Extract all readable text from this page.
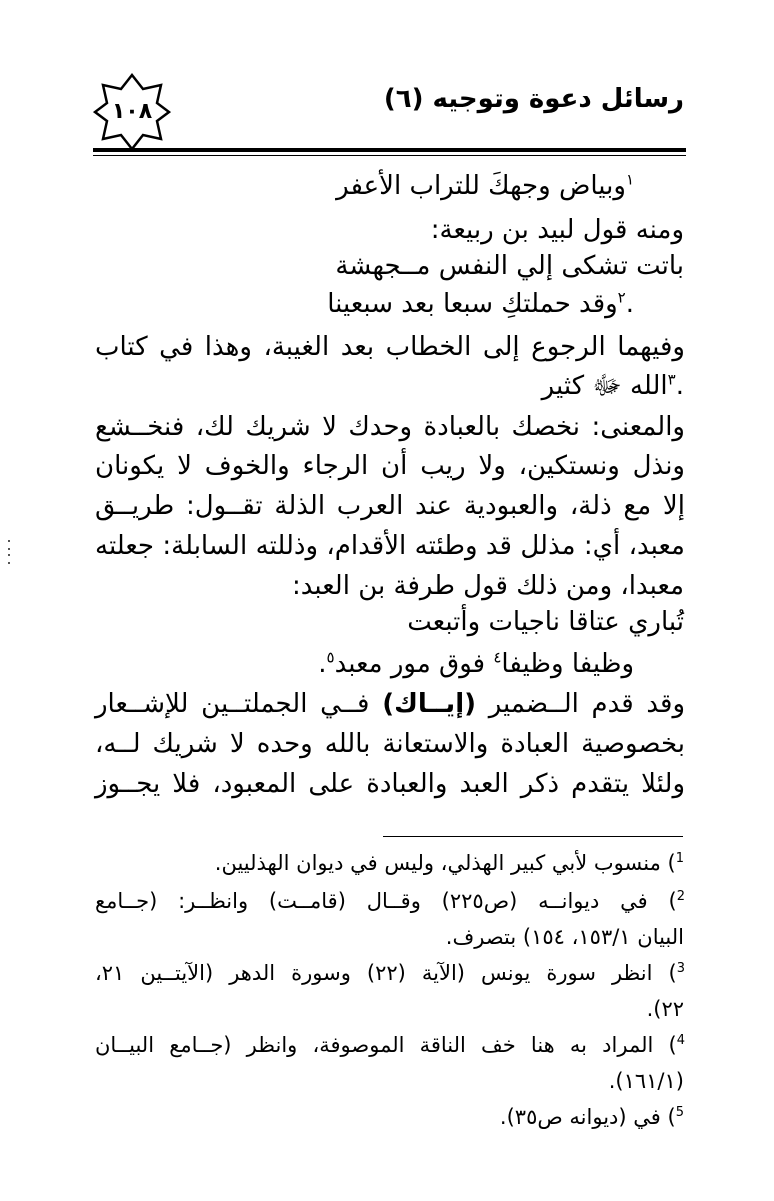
١٠٨	رسائل دعوة وتوجيه (٦)
$^١$وبياض وجهكَ للتراب الأعفر
ومنه قول لبيد بن ربيعة:
باتت تشكى إلي النفس مــجهشة
.$^٢$وقد حملتكِ سبعا بعد سبعينا
وفيهما الرجوع إلى الخطاب بعد الغيبة، وهذا في كتاب
.$^٣$الله ﷻ كثير
والمعنى: نخصك بالعبادة وحدك لا شريك لك، فنخــشع
ونذل ونستكين، ولا ريب أن الرجاء والخوف لا يكونان
إلا مع ذلة، والعبودية عند العرب الذلة تقــول: طريــق
معبد، أي: مذلل قد وطئته الأقدام، وذللته السابلة: جعلته
معبدا، ومن ذلك قول طرفة بن العبد:
تُباري عتاقا ناجيات وأتبعت
وظيفا وظيفا$^٤$ فوق مور معبد$^٥$.
وقد قدم الــضمير (إيــاك) فــي الجملتــين للإشــعار
بخصوصية العبادة والاستعانة بالله وحده لا شريك لــه،
ولئلا يتقدم ذكر العبد والعبادة على المعبود، فلا يجــوز
$^1$) منسوب لأبي كبير الهذلي، وليس في ديوان الهذليين.
$^2$) في ديوانــه (ص٢٢٥) وقــال (قامــت) وانظــر: (جــامع
البيان ١٥٣/١، ١٥٤) بتصرف.
$^3$) انظر سورة يونس (الآية (٢٢) وسورة الدهر (الآيتــين ٢١،
٢٢).
$^4$) المراد به هنا خف الناقة الموصوفة، وانظر (جــامع البيــان
(١٦١/١).
$^5$) في (ديوانه ص٣٥).
